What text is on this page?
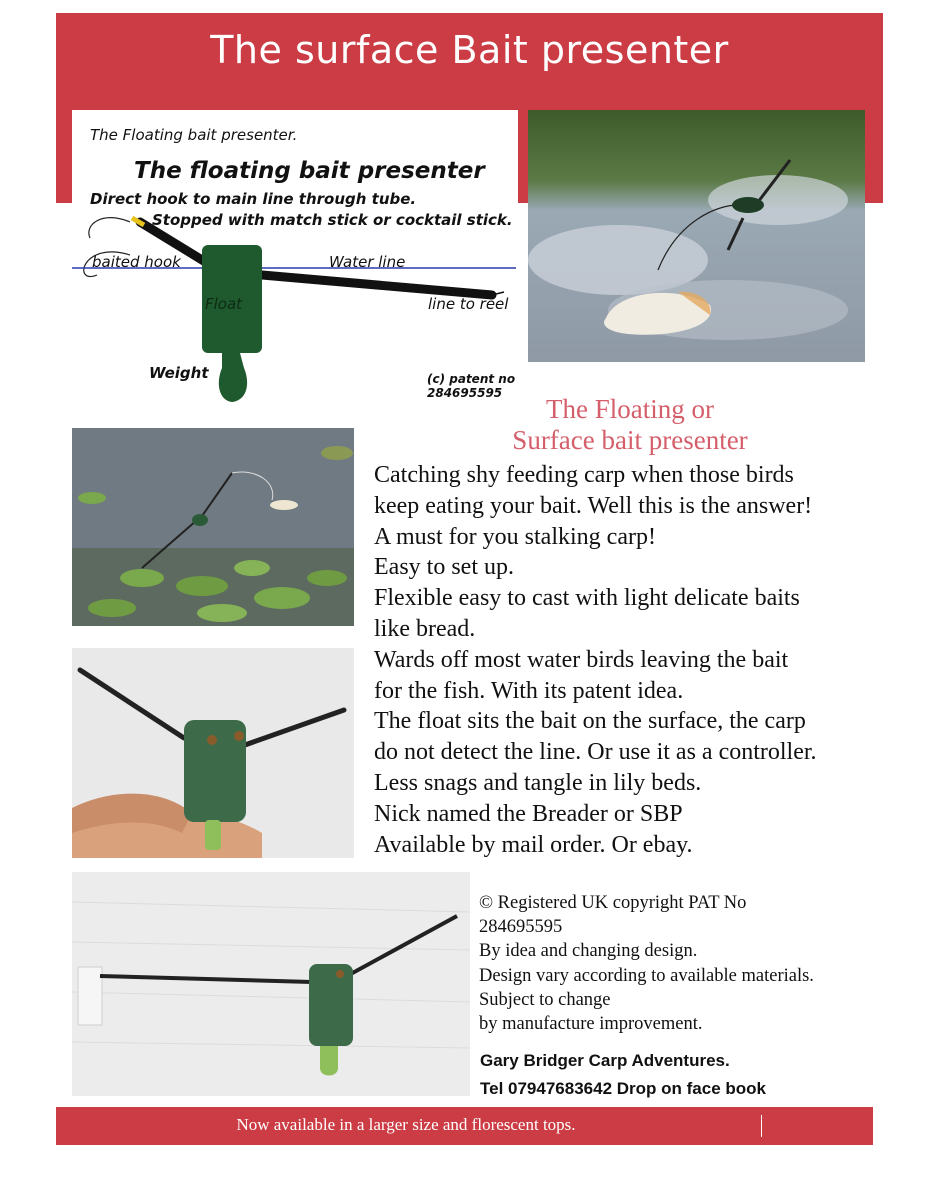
The surface Bait presenter
The Floating bait presenter.
The floating bait presenter
Direct hook to main line through tube.
Stopped with match stick or cocktail stick.
baited hook	Water line
Float	line to reel
Weight	(c) patent no
284695595
The Floating or
Surface bait presenter
Catching shy feeding carp when those birds
keep eating your bait. Well this is the answer!
A must for you stalking carp!
Easy to set up.
Flexible easy to cast with light delicate baits
like bread.
Wards off most water birds leaving the bait
for the fish. With its patent idea.
The float sits the bait on the surface, the carp
do not detect the line. Or use it as a controller.
Less snags and tangle in lily beds.
Nick named the Breader or SBP
Available by mail order. Or ebay.
© Registered UK copyright PAT No
284695595
By idea and changing design.
Design vary according to available materials.
Subject to change
by manufacture improvement.
Gary Bridger Carp Adventures.
Tel 07947683642 Drop on face book
Now available in a larger size and florescent tops.
